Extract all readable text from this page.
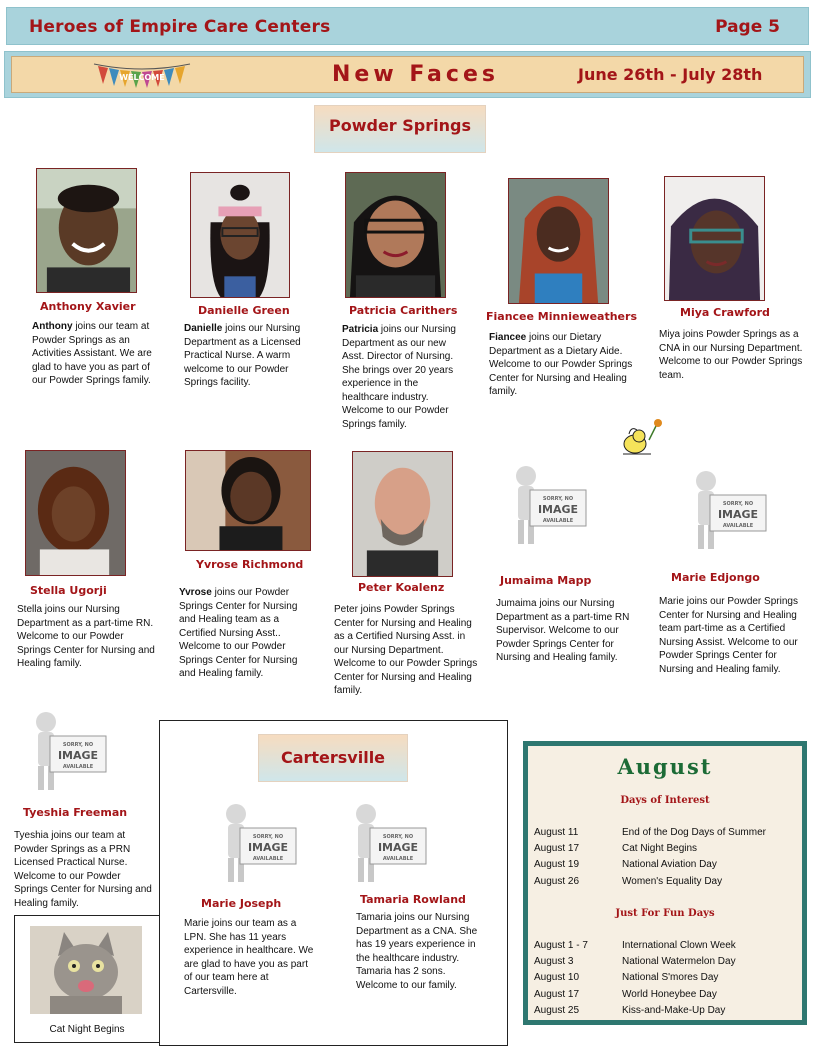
Heroes of Empire Care Centers	Page 5
WELCOME	New Faces	June 26th - July 28th
Powder Springs
Anthony Xavier	Danielle Green	Patricia Carithers	Fiancee Minnieweathers	Miya Crawford
Anthony joins our team at Powder Springs as an Activities Assistant. We are glad to have you as part of our Powder Springs family.
Danielle joins our Nursing Department as a Licensed Practical Nurse. A warm welcome to our Powder Springs facility.
Patricia joins our Nursing Department as our new Asst. Director of Nursing. She brings over 20 years experience in the healthcare industry. Welcome to our Powder Springs family.
Fiancee joins our Dietary Department as a Dietary Aide. Welcome to our Powder Springs Center for Nursing and Healing family.
Miya joins Powder Springs as a CNA in our Nursing Department. Welcome to our Powder Springs team.
SORRY, NO
IMAGE
AVAILABLE
SORRY, NO
IMAGE
AVAILABLE
Stella Ugorji
Yvrose Richmond
Peter Koalenz
Jumaima Mapp	Marie Edjongo
Stella joins our Nursing Department as a part-time RN. Welcome to our Powder Springs Center for Nursing and Healing family.
Yvrose joins our Powder Springs Center for Nursing and Healing team as a Certified Nursing Asst.. Welcome to our Powder Springs Center for Nursing and Healing family.
Peter joins Powder Springs Center for Nursing and Healing as a Certified Nursing Asst. in our Nursing Department. Welcome to our Powder Springs Center for Nursing and Healing family.
Jumaima joins our Nursing Department as a part-time RN Supervisor. Welcome to our Powder Springs Center for Nursing and Healing family.
Marie joins our Powder Springs Center for Nursing and Healing team part-time as a Certified Nursing Assist. Welcome to our Powder Springs Center for Nursing and Healing family.
SORRY, NO
IMAGE
AVAILABLE
Tyeshia Freeman
Tyeshia joins our team at Powder Springs as a PRN Licensed Practical Nurse. Welcome to our Powder Springs Center for Nursing and Healing family.
Cartersville
SORRY, NO
IMAGE
AVAILABLE
SORRY, NO
IMAGE
AVAILABLE
Marie Joseph	Tamaria Rowland
Marie joins our team as a LPN. She has 11 years experience in healthcare. We are glad to have you as part of our team here at Cartersville.
Tamaria joins our Nursing Department as a CNA. She has 19 years experience in the healthcare industry. Tamaria has 2 sons. Welcome to our family.
Cat Night Begins
August
Days of Interest
August 11	End of the Dog Days of Summer
August 17	Cat Night Begins
August 19	National Aviation Day
August 26	Women's Equality Day
Just For Fun Days
August 1 - 7	International Clown Week
August 3	National Watermelon Day
August 10	National S'mores Day
August 17	World Honeybee Day
August 25	Kiss-and-Make-Up Day
